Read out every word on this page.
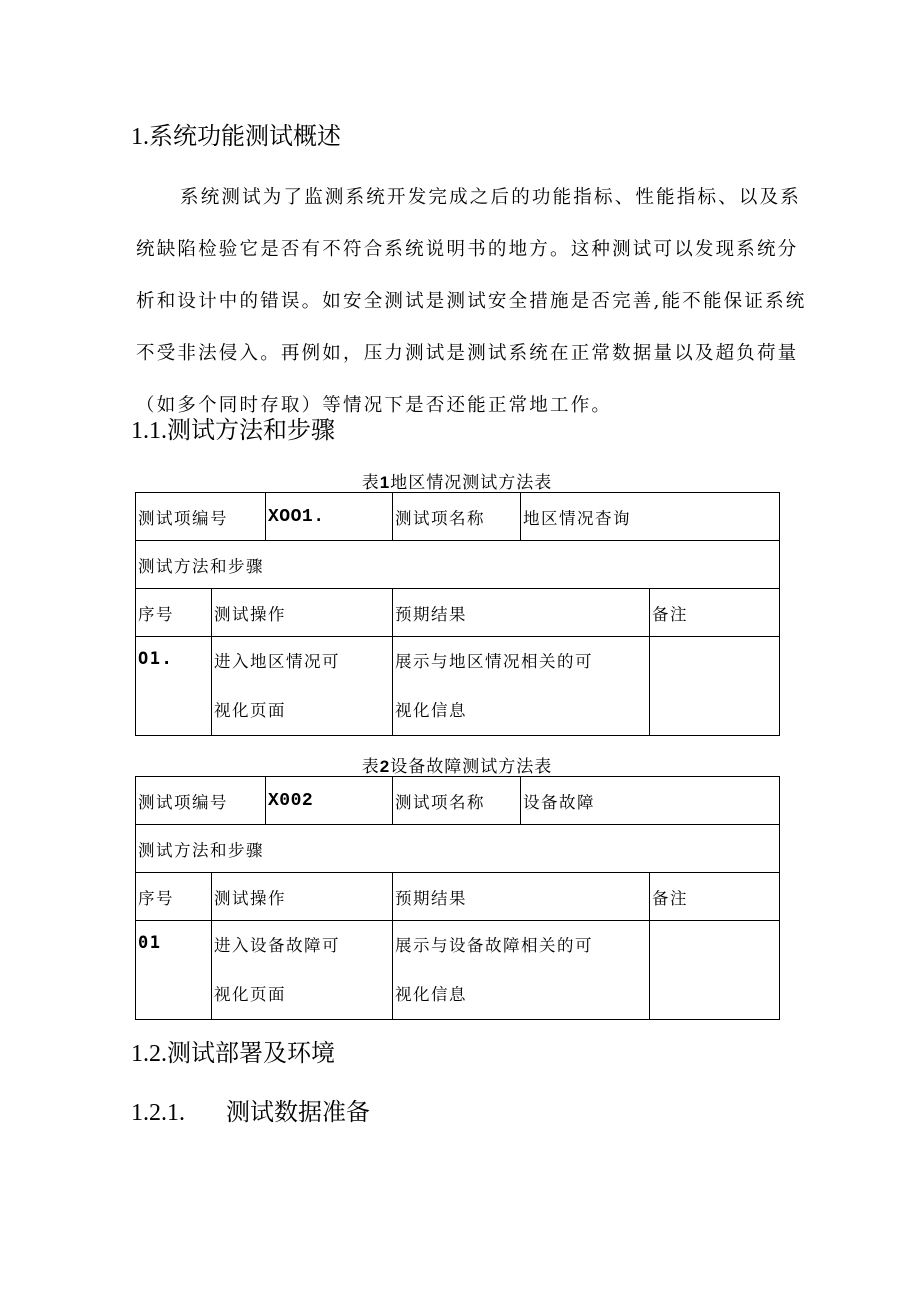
1.系统功能测试概述

系统测试为了监测系统开发完成之后的功能指标、性能指标、以及系
统缺陷检验它是否有不符合系统说明书的地方。这种测试可以发现系统分
析和设计中的错误。如安全测试是测试安全措施是否完善,能不能保证系统
不受非法侵入。再例如，压力测试是测试系统在正常数据量以及超负荷量
（如多个同时存取）等情况下是否还能正常地工作。

1.1.测试方法和步骤
表1地区情况测试方法表
测试项编号		XOO1.	测试项名称	地区情况杳询	
测试方法和步骤					
序号	测试操作		预期结果		备注
O1.	进入地区情况可
视化页面		展示与地区情况相关的可
视化信息		

表2设备故障测试方法表
测试项编号		X002	测试项名称	设备故障	
测试方法和步骤					
序号	测试操作		预期结果		备注
01	进入设备故障可
视化页面		展示与设备故障相关的可
视化信息		

1.2.测试部署及环境
1.2.1. 测试数据准备
